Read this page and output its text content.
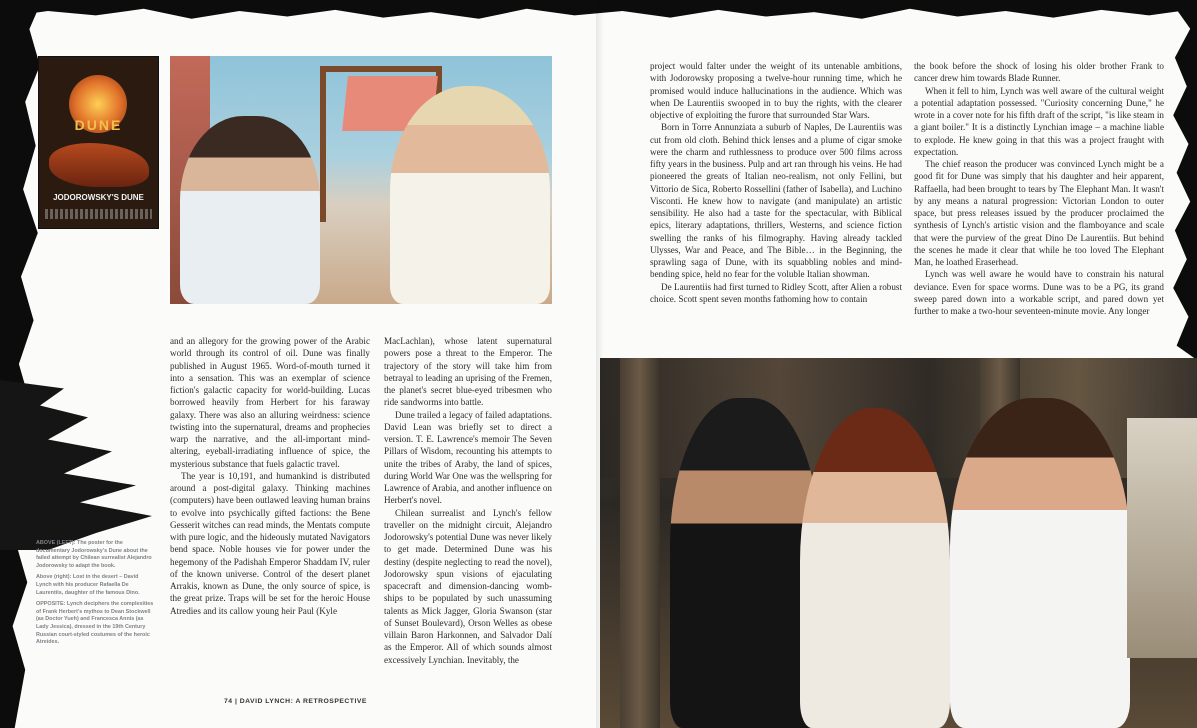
DUNE
JODOROWSKY'S DUNE

ABOVE (LEFT): The poster for the documentary Jodorowsky's Dune about the failed attempt by Chilean surrealist Alejandro Jodorowsky to adapt the book.

Above (right): Lost in the desert – David Lynch with his producer Rafaella De Laurentiis, daughter of the famous Dino.

OPPOSITE: Lynch deciphers the complexities of Frank Herbert's mythos to Dean Stockwell (as Doctor Yueh) and Francesca Annis (as Lady Jessica), dressed in the 19th Century Russian court-styled costumes of the heroic Atreides.

and an allegory for the growing power of the Arabic world through its control of oil. Dune was finally published in August 1965. Word-of-mouth turned it into a sensation. This was an exemplar of science fiction's galactic capacity for world-building. Lucas borrowed heavily from Herbert for his faraway galaxy. There was also an alluring weirdness: science twisting into the supernatural, dreams and prophecies warp the narrative, and the all-important mind-altering, eyeball-irradiating influence of spice, the mysterious substance that fuels galactic travel.

The year is 10,191, and humankind is distributed around a post-digital galaxy. Thinking machines (computers) have been outlawed leaving human brains to evolve into psychically gifted factions: the Bene Gesserit witches can read minds, the Mentats compute with pure logic, and the hideously mutated Navigators bend space. Noble houses vie for power under the hegemony of the Padishah Emperor Shaddam IV, ruler of the known universe. Control of the desert planet Arrakis, known as Dune, the only source of spice, is the great prize. Traps will be set for the heroic House Atredies and its callow young heir Paul (Kyle

MacLachlan), whose latent supernatural powers pose a threat to the Emperor. The trajectory of the story will take him from betrayal to leading an uprising of the Fremen, the planet's secret blue-eyed tribesmen who ride sandworms into battle.

Dune trailed a legacy of failed adaptations. David Lean was briefly set to direct a version. T. E. Lawrence's memoir The Seven Pillars of Wisdom, recounting his attempts to unite the tribes of Araby, the land of spices, during World War One was the wellspring for Lawrence of Arabia, and another influence on Herbert's novel.

Chilean surrealist and Lynch's fellow traveller on the midnight circuit, Alejandro Jodorowsky's potential Dune was never likely to get made. Determined Dune was his destiny (despite neglecting to read the novel), Jodorowsky spun visions of ejaculating spacecraft and dimension-dancing womb-ships to be populated by such unassuming talents as Mick Jagger, Gloria Swanson (star of Sunset Boulevard), Orson Welles as obese villain Baron Harkonnen, and Salvador Dalí as the Emperor. All of which sounds almost excessively Lynchian. Inevitably, the

project would falter under the weight of its untenable ambitions, with Jodorowsky proposing a twelve-hour running time, which he promised would induce hallucinations in the audience. Which was when De Laurentiis swooped in to buy the rights, with the clearer objective of exploiting the furore that surrounded Star Wars.

Born in Torre Annunziata a suburb of Naples, De Laurentiis was cut from old cloth. Behind thick lenses and a plume of cigar smoke were the charm and ruthlessness to produce over 500 films across fifty years in the business. Pulp and art ran through his veins. He had pioneered the greats of Italian neo-realism, not only Fellini, but Vittorio de Sica, Roberto Rossellini (father of Isabella), and Luchino Visconti. He knew how to navigate (and manipulate) an artistic sensibility. He also had a taste for the spectacular, with Biblical epics, literary adaptations, thrillers, Westerns, and science fiction swelling the ranks of his filmography. Having already tackled Ulysses, War and Peace, and The Bible… in the Beginning, the sprawling saga of Dune, with its squabbling nobles and mind-bending spice, held no fear for the voluble Italian showman.

De Laurentiis had first turned to Ridley Scott, after Alien a robust choice. Scott spent seven months fathoming how to contain

the book before the shock of losing his older brother Frank to cancer drew him towards Blade Runner.

When it fell to him, Lynch was well aware of the cultural weight a potential adaptation possessed. "Curiosity concerning Dune," he wrote in a cover note for his fifth draft of the script, "is like steam in a giant boiler." It is a distinctly Lynchian image – a machine liable to explode. He knew going in that this was a project fraught with expectation.

The chief reason the producer was convinced Lynch might be a good fit for Dune was simply that his daughter and heir apparent, Raffaella, had been brought to tears by The Elephant Man. It wasn't by any means a natural progression: Victorian London to outer space, but press releases issued by the producer proclaimed the synthesis of Lynch's artistic vision and the flamboyance and scale that were the purview of the great Dino De Laurentiis. But behind the scenes he made it clear that while he too loved The Elephant Man, he loathed Eraserhead.

Lynch was well aware he would have to constrain his natural deviance. Even for space worms. Dune was to be a PG, its grand sweep pared down into a workable script, and pared down yet further to make a two-hour seventeen-minute movie. Any longer

74 | DAVID LYNCH: A RETROSPECTIVE
